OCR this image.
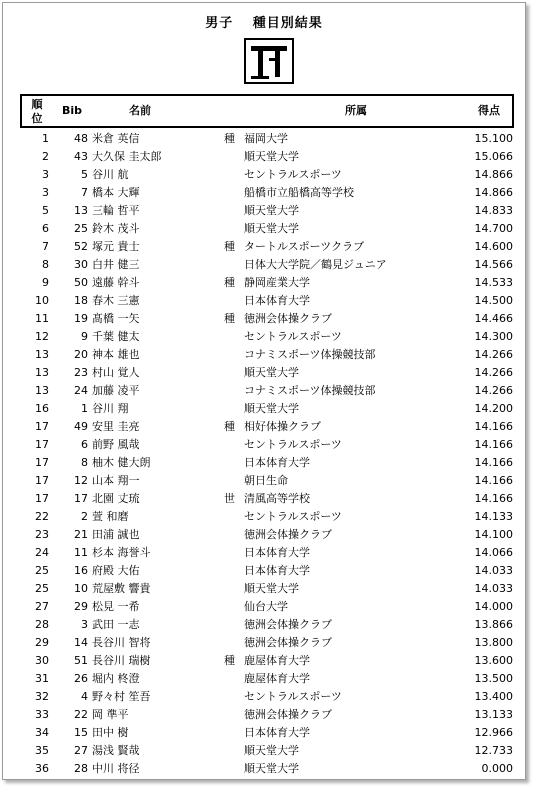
男子　 種目別結果
順
位
Bib	名前	所属	得点
1	48 米倉 英信	種 福岡大学	15.100
2	43 大久保 圭太郎	順天堂大学	15.066
3	5 谷川 航	セントラルスポーツ	14.866
3	7 橋本 大輝	船橋市立船橋高等学校	14.866
5	13 三輪 哲平	順天堂大学	14.833
6	25 鈴木 茂斗	順天堂大学	14.700
7	52 塚元 貴士	種 タートルスポーツクラブ	14.600
8	30 白井 健三	日体大大学院／鶴見ジュニア	14.566
9	50 遠藤 幹斗	種 静岡産業大学	14.533
10	18 春木 三憲	日本体育大学	14.500
11	19 髙橋 一矢	種 徳洲会体操クラブ	14.466
12	9 千葉 健太	セントラルスポーツ	14.300
13	20 神本 雄也	コナミスポーツ体操競技部	14.266
13	23 村山 覚人	順天堂大学	14.266
13	24 加藤 凌平	コナミスポーツ体操競技部	14.266
16	1 谷川 翔	順天堂大学	14.200
17	49 安里 圭亮	種 相好体操クラブ	14.166
17	6 前野 風哉	セントラルスポーツ	14.166
17	8 柚木 健大朗	日本体育大学	14.166
17	12 山本 翔一	朝日生命	14.166
17	17 北園 丈琉	世 清風高等学校	14.166
22	2 萱 和磨	セントラルスポーツ	14.133
23	21 田浦 誠也	徳洲会体操クラブ	14.100
24	11 杉本 海誉斗	日本体育大学	14.066
25	16 府殿 大佑	日本体育大学	14.033
25	10 荒屋敷 響貴	順天堂大学	14.033
27	29 松見 一希	仙台大学	14.000
28	3 武田 一志	徳洲会体操クラブ	13.866
29	14 長谷川 智将	徳洲会体操クラブ	13.800
30	51 長谷川 瑞樹	種 鹿屋体育大学	13.600
31	26 堀内 柊澄	鹿屋体育大学	13.500
32	4 野々村 笙吾	セントラルスポーツ	13.400
33	22 岡 準平	徳洲会体操クラブ	13.133
34	15 田中 樹	日本体育大学	12.966
35	27 湯浅 賢哉	順天堂大学	12.733
36	28 中川 将径	順天堂大学	0.000
